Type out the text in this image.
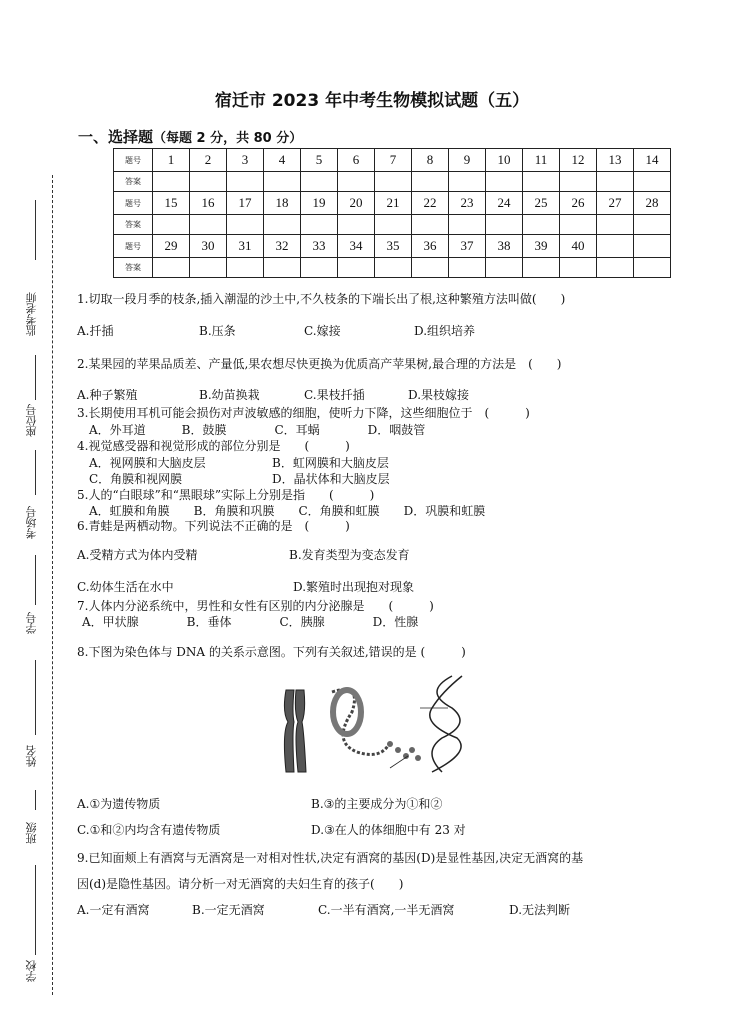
宿迁市 2023 年中考生物模拟试题（五）
一、选择题（每题 2 分，共 80 分）
题号	1	2	3	4	5	6	7	8	9	10	11	12	13	14
答案														
题号	15	16	17	18	19	20	21	22	23	24	25	26	27	28
答案														
题号	29	30	31	32	33	34	35	36	37	38	39	40		
答案														
监考老师
座位号
考场号
学号
姓名
班级
学校
1.切取一段月季的枝条,插入潮湿的沙土中,不久枝条的下端长出了根,这种繁殖方法叫做(　　)
A.扦插	B.压条	C.嫁接	D.组织培养
2.某果园的苹果品质差、产量低,果农想尽快更换为优质高产苹果树,最合理的方法是　(　　)
A.种子繁殖	B.幼苗换栽	C.果枝扦插	D.果枝嫁接
3.长期使用耳机可能会损伤对声波敏感的细胞，使听力下降，这些细胞位于　(　　　)
A．外耳道　　　B．鼓膜　　　　C．耳蜗　　　　D．咽鼓管
4.视觉感受器和视觉形成的部位分别是　　(　　　)
A．视网膜和大脑皮层	B．虹网膜和大脑皮层
C．角膜和视网膜	D．晶状体和大脑皮层
5.人的“白眼球”和“黑眼球”实际上分别是指　　(　　　)
A．虹膜和角膜　　B．角膜和巩膜　　C．角膜和虹膜　　D．巩膜和虹膜
6.青蛙是两栖动物。下列说法不正确的是　(　　　)
A.受精方式为体内受精	B.发育类型为变态发育
C.幼体生活在水中	D.繁殖时出现抱对现象
7.人体内分泌系统中，男性和女性有区别的内分泌腺是　　(　　　)
A．甲状腺　　　　B．垂体　　　　C．胰腺　　　　D．性腺
8.下图为染色体与 DNA 的关系示意图。下列有关叙述,错误的是 (　　　)
A.①为遗传物质	B.③的主要成分为①和②
C.①和②内均含有遗传物质	D.③在人的体细胞中有 23 对
9.已知面颊上有酒窝与无酒窝是一对相对性状,决定有酒窝的基因(D)是显性基因,决定无酒窝的基
因(d)是隐性基因。请分析一对无酒窝的夫妇生育的孩子(　　)
A.一定有酒窝	B.一定无酒窝	C.一半有酒窝,一半无酒窝	D.无法判断
